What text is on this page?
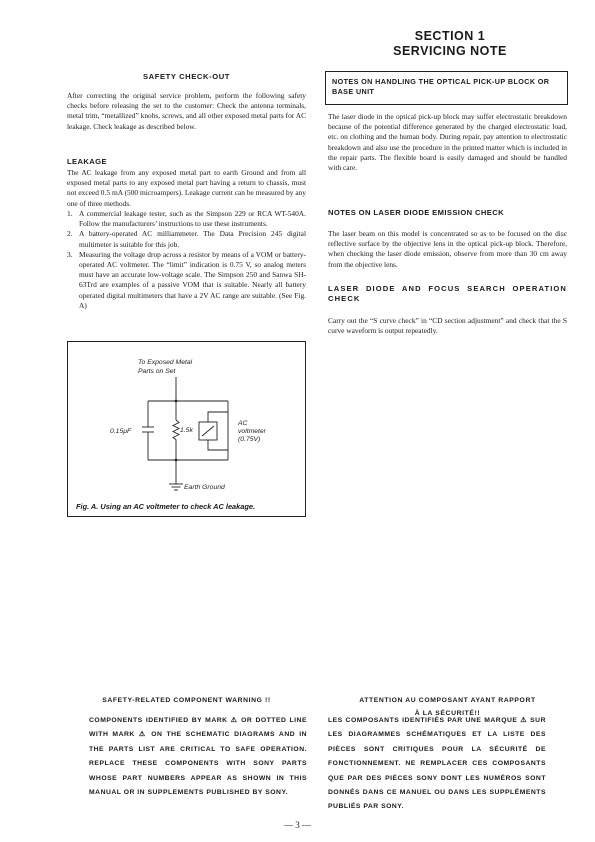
SECTION 1
SERVICING NOTE
SAFETY CHECK-OUT

After correcting the original service problem, perform the following safety checks before releasing the set to the customer: Check the antenna terminals, metal trim, “metallized” knobs, screws, and all other exposed metal parts for AC leakage. Check leakage as described below.

LEAKAGE

The AC leakage from any exposed metal part to earth Ground and from all exposed metal parts to any exposed metal part having a return to chassis, must not exceed 0.5 mA (500 microampers). Leakage current can be measured by any one of three methods.

1. A commercial leakage tester, such as the Simpson 229 or RCA WT-540A. Follow the manufacturers’ instructions to use these instruments.
2. A battery-operated AC milliammeter. The Data Precision 245 digital multimeter is suitable for this job.
3. Measuring the voltage drop across a resistor by means of a VOM or battery-operated AC voltmeter. The “limit” indication is 0.75 V, so analog meters must have an accurate low-voltage scale. The Simpson 250 and Sanwa SH-63Trd are examples of a passive VOM that is suitable. Nearly all battery operated digital multimeters that have a 2V AC range are suitable. (See Fig. A)
To Exposed Metal
Parts on Set
0.15μF	1.5k
AC
voltmeter
(0.75V)
Earth Ground
Fig. A. Using an AC voltmeter to check AC leakage.
NOTES ON HANDLING THE OPTICAL PICK-UP BLOCK OR BASE UNIT

The laser diode in the optical pick-up block may suffer electrostatic breakdown because of the potential difference generated by the charged electrostatic load, etc. on clothing and the human body. During repair, pay attention to electrostatic breakdown and also use the procedure in the printed matter which is included in the repair parts. The flexible board is easily damaged and should be handled with care.

NOTES ON LASER DIODE EMISSION CHECK

The laser beam on this model is concentrated so as to be focused on the disc reflective surface by the objective lens in the optical pick-up block. Therefore, when checking the laser diode emission, observe from more than 30 cm away from the objective lens.

LASER DIODE AND FOCUS SEARCH OPERATION CHECK

Carry out the “S curve check” in “CD section adjustment” and check that the S curve waveform is output repeatedly.

SAFETY-RELATED COMPONENT WARNING !!

COMPONENTS IDENTIFIED BY MARK ⚠ OR DOTTED LINE WITH MARK ⚠ ON THE SCHEMATIC DIAGRAMS AND IN THE PARTS LIST ARE CRITICAL TO SAFE OPERATION. REPLACE THESE COMPONENTS WITH SONY PARTS WHOSE PART NUMBERS APPEAR AS SHOWN IN THIS MANUAL OR IN SUPPLEMENTS PUBLISHED BY SONY.

ATTENTION AU COMPOSANT AYANT RAPPORT
À LA SÉCURITÉ!!

LES COMPOSANTS IDENTIFIÉS PAR UNE MARQUE ⚠ SUR LES DIAGRAMMES SCHÉMATIQUES ET LA LISTE DES PIÈCES SONT CRITIQUES POUR LA SÉCURITÉ DE FONCTIONNEMENT. NE REMPLACER CES COMPOSANTS QUE PAR DES PIÈCES SONY DONT LES NUMÉROS SONT DONNÉS DANS CE MANUEL OU DANS LES SUPPLÉMENTS PUBLIÉS PAR SONY.

— 3 —
